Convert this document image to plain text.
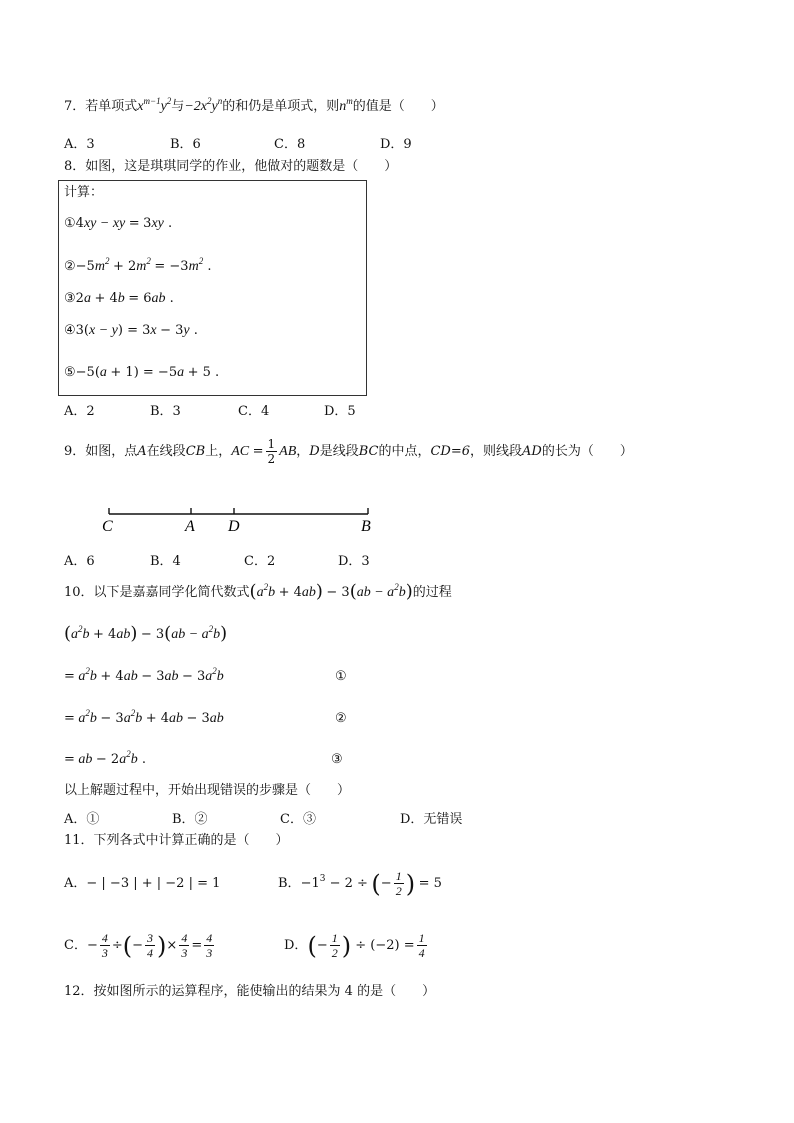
7．若单项式$x^{m-1}y^2$与$-2x^2y^n$的和仍是单项式，则$n^m$的值是（　　）
A．3	B．6	C．8	D．9
8．如图，这是琪琪同学的作业，他做对的题数是（　　）
计算：
①4xy − xy = 3xy .
$②-5m^2 + 2m^2 = -3m^2$ .
③2a + 4b = 6ab .
④3(x − y) = 3x − 3y .
⑤−5(a + 1) = −5a + 5 .
A．2	B．3	C．4	D．5
9．如图，点A在线段CB上，AC = $\frac{1}{2}$ AB，D是线段BC的中点，CD=6，则线段AD的长为（　　）
C	A D	B
A．6	B．4	C．2	D．3
10．以下是嘉嘉同学化简代数式$(a^2b + 4ab) - 3(ab - a^2b)$的过程
$(a^2b + 4ab) - 3(ab - a^2b)$
= $a^2b + 4ab - 3ab - 3a^2b$	①
= $a^2b - 3a^2b + 4ab - 3ab$	②
= ab − $2a^2b$ .	③
以上解题过程中，开始出现错误的步骤是（　　）
A．①	B．②	C．③	D．无错误
11．下列各式中计算正确的是（　　）
A．− | −3 | + | −2 | = 1	B．$-1^3 - 2$ ÷ (− $\frac{1}{2}$ ) = 5
C．− $\frac{4}{3}$ ÷(− $\frac{3}{4}$ )× $\frac{4}{3} = \frac{4}{3}$	D．(− $\frac{1}{2}$ ) ÷ $(-2) = \frac{1}{4}$
12．按如图所示的运算程序，能使输出的结果为 4 的是（　　）
